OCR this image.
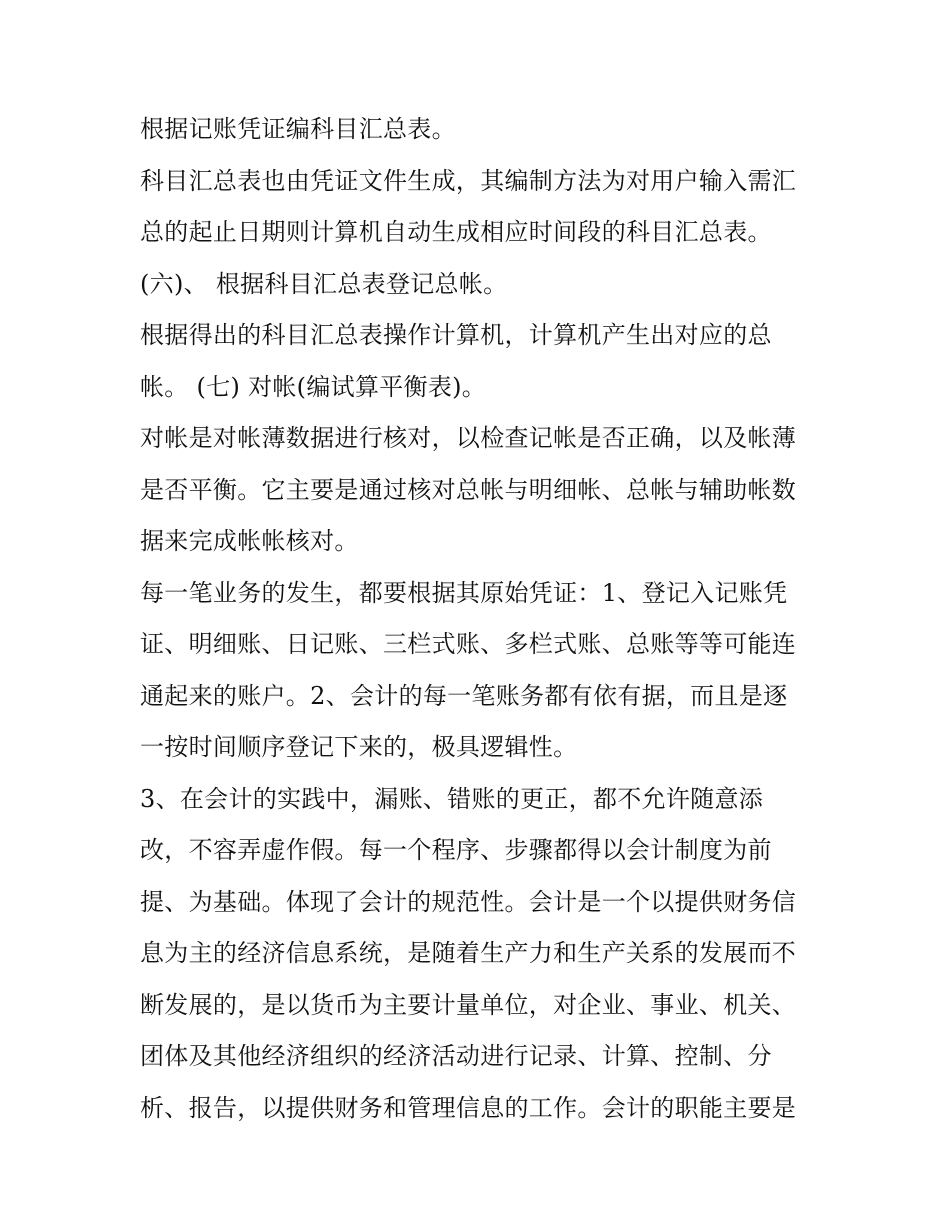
根据记账凭证编科目汇总表。
科目汇总表也由凭证文件生成，其编制方法为对用户输入需汇
总的起止日期则计算机自动生成相应时间段的科目汇总表。
(六)、 根据科目汇总表登记总帐。
根据得出的科目汇总表操作计算机，计算机产生出对应的总
帐。 (七) 对帐(编试算平衡表)。
对帐是对帐薄数据进行核对，以检查记帐是否正确，以及帐薄
是否平衡。它主要是通过核对总帐与明细帐、总帐与辅助帐数
据来完成帐帐核对。
每一笔业务的发生，都要根据其原始凭证：1、登记入记账凭
证、明细账、日记账、三栏式账、多栏式账、总账等等可能连
通起来的账户。2、会计的每一笔账务都有依有据，而且是逐
一按时间顺序登记下来的，极具逻辑性。
3、在会计的实践中，漏账、错账的更正，都不允许随意添
改，不容弄虚作假。每一个程序、步骤都得以会计制度为前
提、为基础。体现了会计的规范性。会计是一个以提供财务信
息为主的经济信息系统，是随着生产力和生产关系的发展而不
断发展的，是以货币为主要计量单位，对企业、事业、机关、
团体及其他经济组织的经济活动进行记录、计算、控制、分
析、报告，以提供财务和管理信息的工作。会计的职能主要是
